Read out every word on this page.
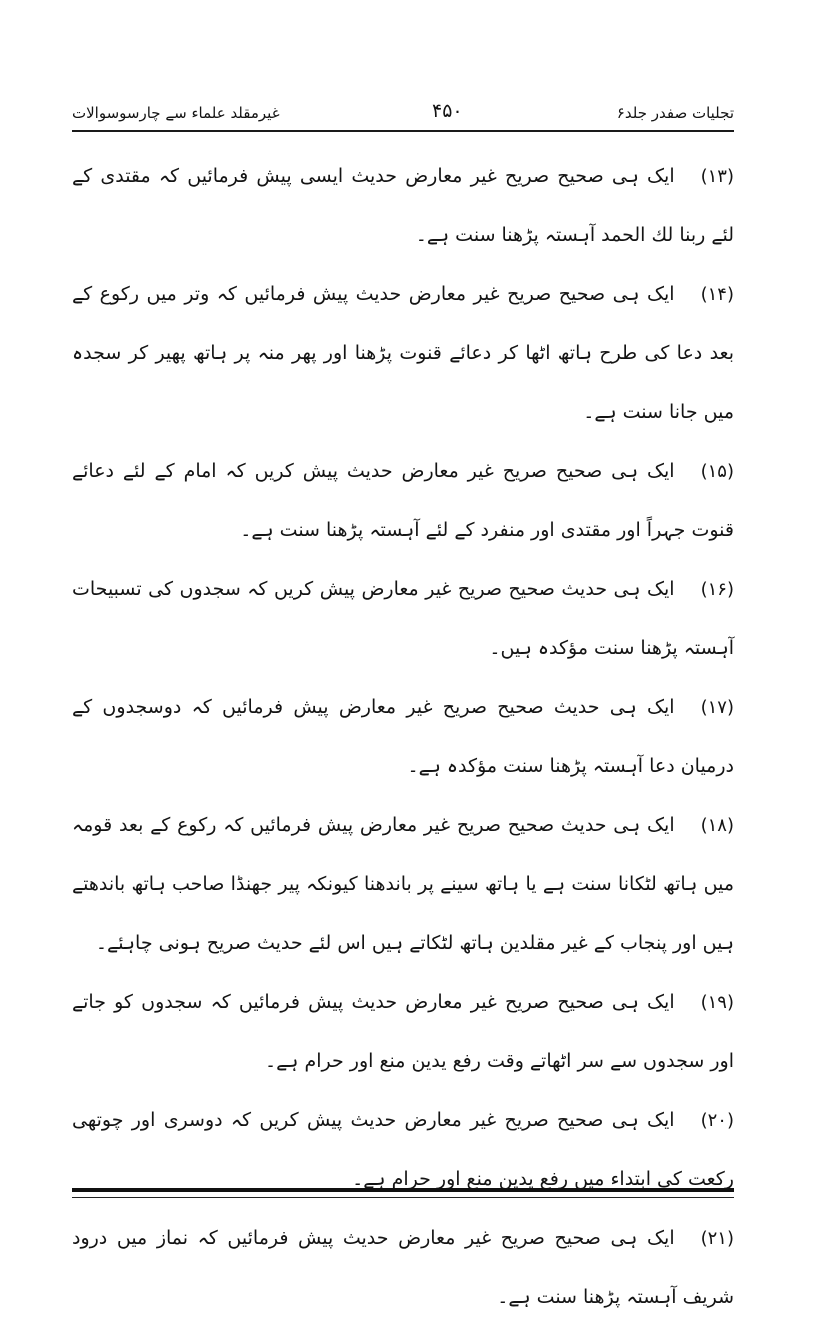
غیرمقلد علماء سے چارسوسوالات	۴۵۰	تجلیات صفدر جلد۶

(۱۳)ایک ہی صحیح صریح غیر معارض حدیث ایسی پیش فرمائیں کہ مقتدی کے لئے ربنا لك الحمد آہستہ پڑھنا سنت ہے۔

(۱۴)ایک ہی صحیح صریح غیر معارض حدیث پیش فرمائیں کہ وتر میں رکوع کے بعد دعا کی طرح ہاتھ اٹھا کر دعائے قنوت پڑھنا اور پھر منہ پر ہاتھ پھیر کر سجدہ میں جانا سنت ہے۔

(۱۵)ایک ہی صحیح صریح غیر معارض حدیث پیش کریں کہ امام کے لئے دعائے قنوت جہراً اور مقتدی اور منفرد کے لئے آہستہ پڑھنا سنت ہے۔

(۱۶)ایک ہی حدیث صحیح صریح غیر معارض پیش کریں کہ سجدوں کی تسبیحات آہستہ پڑھنا سنت مؤکدہ ہیں۔

(۱۷)ایک ہی حدیث صحیح صریح غیر معارض پیش فرمائیں کہ دوسجدوں کے درمیان دعا آہستہ پڑھنا سنت مؤکدہ ہے۔

(۱۸)ایک ہی حدیث صحیح صریح غیر معارض پیش فرمائیں کہ رکوع کے بعد قومہ میں ہاتھ لٹکانا سنت ہے یا ہاتھ سینے پر باندھنا کیونکہ پیر جھنڈا صاحب ہاتھ باندھتے ہیں اور پنجاب کے غیر مقلدین ہاتھ لٹکاتے ہیں اس لئے حدیث صریح ہونی چاہئے۔

(۱۹)ایک ہی صحیح صریح غیر معارض حدیث پیش فرمائیں کہ سجدوں کو جاتے اور سجدوں سے سر اٹھاتے وقت رفع یدین منع اور حرام ہے۔

(۲۰)ایک ہی صحیح صریح غیر معارض حدیث پیش کریں کہ دوسری اور چوتھی رکعت کی ابتداء میں رفع یدین منع اور حرام ہے۔

(۲۱)ایک ہی صحیح صریح غیر معارض حدیث پیش فرمائیں کہ نماز میں درود شریف آہستہ پڑھنا سنت ہے۔
